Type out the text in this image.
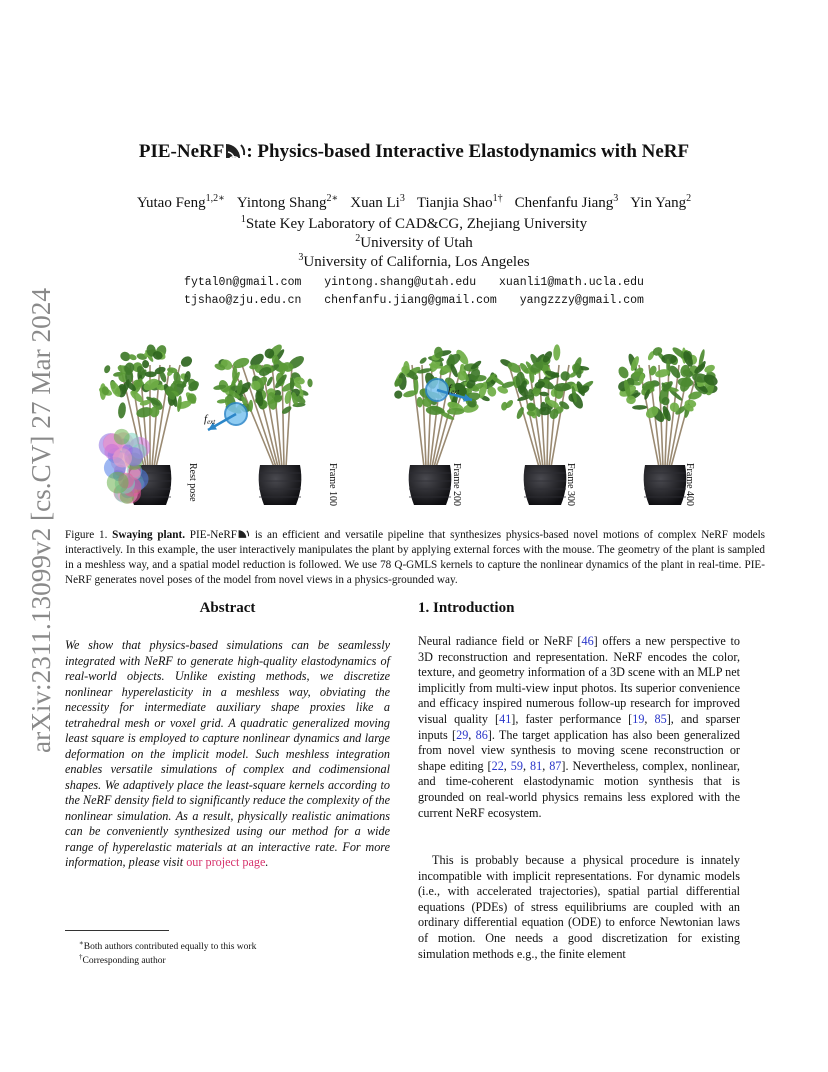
arXiv:2311.13099v2 [cs.CV] 27 Mar 2024
PIE-NeRF : Physics-based Interactive Elastodynamics with NeRF
Yutao Feng$^{1,2∗}$ Yintong Shang$^{2∗}$ Xuan Li$^3$ Tianjia Shao$^{1\dagger}$ Chenfanfu Jiang$^3$ Yin Yang$^2$
$^1$State Key Laboratory of CAD&CG, Zhejiang University
$^2$University of Utah
$^3$University of California, Los Angeles
fytal0n@gmail.com yintong.shang@utah.edu xuanli1@math.ucla.edu
tjshao@zju.edu.cn chenfanfu.jiang@gmail.com yangzzzy@gmail.com
fext
fext
Rest pose	Frame 100	Frame 200	Frame 300	Frame 400
Figure 1. Swaying plant. PIE-NeRF is an efficient and versatile pipeline that synthesizes physics-based novel motions of complex NeRF models interactively. In this example, the user interactively manipulates the plant by applying external forces with the mouse. The geometry of the plant is sampled in a meshless way, and a spatial model reduction is followed. We use 78 Q-GMLS kernels to capture the nonlinear dynamics of the plant in real-time. PIE-NeRF generates novel poses of the model from novel views in a physics-grounded way.
Abstract	1. Introduction
We show that physics-based simulations can be seamlessly integrated with NeRF to generate high-quality elastodynamics of real-world objects. Unlike existing methods, we discretize nonlinear hyperelasticity in a meshless way, obviating the necessity for intermediate auxiliary shape proxies like a tetrahedral mesh or voxel grid. A quadratic generalized moving least square is employed to capture nonlinear dynamics and large deformation on the implicit model. Such meshless integration enables versatile simulations of complex and codimensional shapes. We adaptively place the least-square kernels according to the NeRF density field to significantly reduce the complexity of the nonlinear simulation. As a result, physically realistic animations can be conveniently synthesized using our method for a wide range of hyperelastic materials at an interactive rate. For more information, please visit our project page.

Neural radiance field or NeRF [46] offers a new perspective to 3D reconstruction and representation. NeRF encodes the color, texture, and geometry information of a 3D scene with an MLP net implicitly from multi-view input photos. Its superior convenience and efficacy inspired numerous follow-up research for improved visual quality [41], faster performance [19, 85], and sparser inputs [29, 86]. The target application has also been generalized from novel view synthesis to moving scene reconstruction or shape editing [22, 59, 81, 87]. Nevertheless, complex, nonlinear, and time-coherent elastodynamic motion synthesis that is grounded on real-world physics remains less explored with the current NeRF ecosystem.

This is probably because a physical procedure is innately incompatible with implicit representations. For dynamic models (i.e., with accelerated trajectories), spatial partial differential equations (PDEs) of stress equilibriums are coupled with an ordinary differential equation (ODE) to enforce Newtonian laws of motion. One needs a good discretization for existing simulation methods e.g., the finite element

∗Both authors contributed equally to this work
†Corresponding author
